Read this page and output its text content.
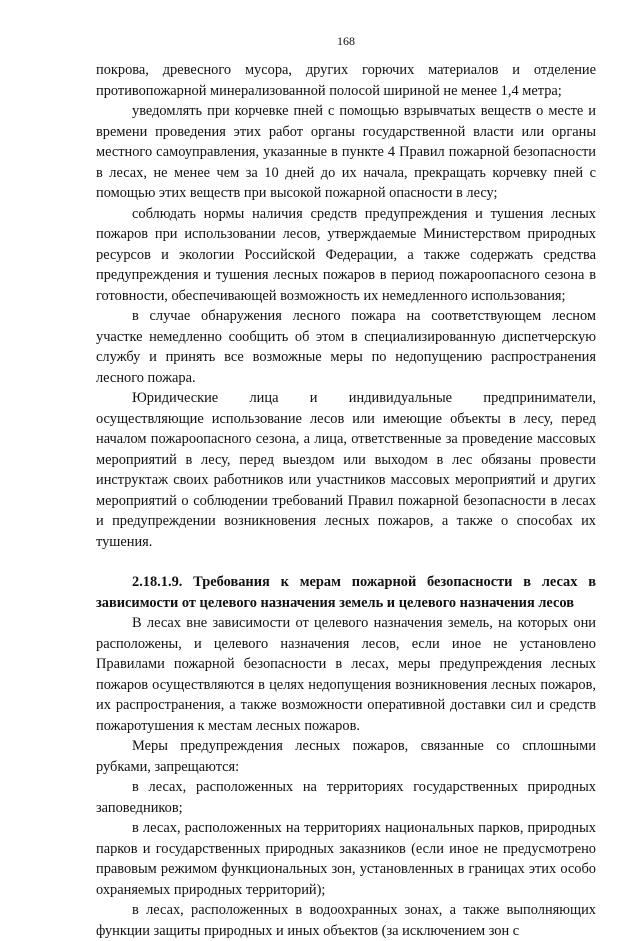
168

покрова, древесного мусора, других горючих материалов и отделение противопожарной минерализованной полосой шириной не менее 1,4 метра;

уведомлять при корчевке пней с помощью взрывчатых веществ о месте и времени проведения этих работ органы государственной власти или органы местного самоуправления, указанные в пункте 4 Правил пожарной безопасности в лесах, не менее чем за 10 дней до их начала, прекращать корчевку пней с помощью этих веществ при высокой пожарной опасности в лесу;

соблюдать нормы наличия средств предупреждения и тушения лесных пожаров при использовании лесов, утверждаемые Министерством природных ресурсов и экологии Российской Федерации, а также содержать средства предупреждения и тушения лесных пожаров в период пожароопасного сезона в готовности, обеспечивающей возможность их немедленного использования;

в случае обнаружения лесного пожара на соответствующем лесном участке немедленно сообщить об этом в специализированную диспетчерскую службу и принять все возможные меры по недопущению распространения лесного пожара.

Юридические лица и индивидуальные предприниматели, осуществляющие использование лесов или имеющие объекты в лесу, перед началом пожароопасного сезона, а лица, ответственные за проведение массовых мероприятий в лесу, перед выездом или выходом в лес обязаны провести инструктаж своих работников или участников массовых мероприятий и других мероприятий о соблюдении требований Правил пожарной безопасности в лесах и предупреждении возникновения лесных пожаров, а также о способах их тушения.

2.18.1.9. Требования к мерам пожарной безопасности в лесах в зависимости от целевого назначения земель и целевого назначения лесов

В лесах вне зависимости от целевого назначения земель, на которых они расположены, и целевого назначения лесов, если иное не установлено Правилами пожарной безопасности в лесах, меры предупреждения лесных пожаров осуществляются в целях недопущения возникновения лесных пожаров, их распространения, а также возможности оперативной доставки сил и средств пожаротушения к местам лесных пожаров.

Меры предупреждения лесных пожаров, связанные со сплошными рубками, запрещаются:

в лесах, расположенных на территориях государственных природных заповедников;

в лесах, расположенных на территориях национальных парков, природных парков и государственных природных заказников (если иное не предусмотрено правовым режимом функциональных зон, установленных в границах этих особо охраняемых природных территорий);

в лесах, расположенных в водоохранных зонах, а также выполняющих функции защиты природных и иных объектов (за исключением зон с
